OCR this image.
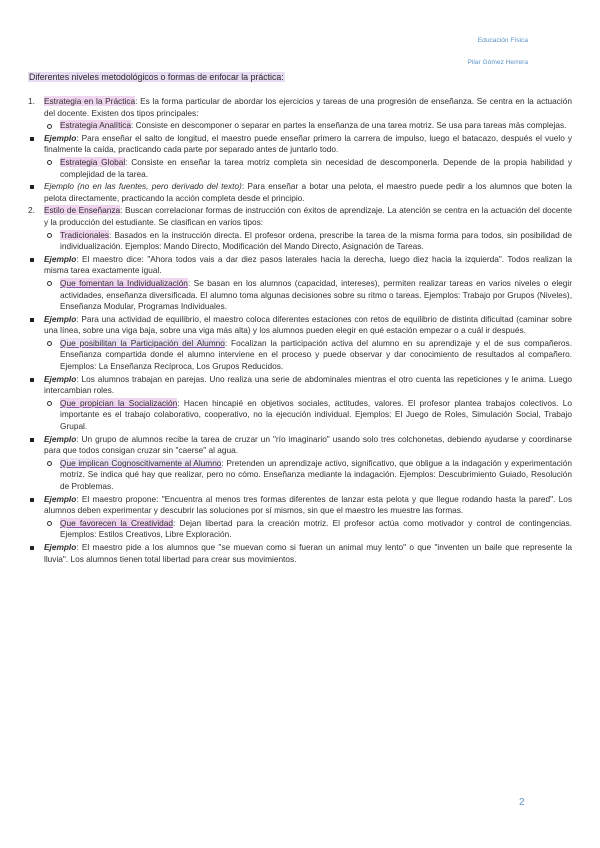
Educación Física
Pilar Gómez Herrera
Diferentes niveles metodológicos o formas de enfocar la práctica:
1. Estrategia en la Práctica: Es la forma particular de abordar los ejercicios y tareas de una progresión de enseñanza. Se centra en la actuación del docente. Existen dos tipos principales:
Estrategia Analítica: Consiste en descomponer o separar en partes la enseñanza de una tarea motriz. Se usa para tareas más complejas.
Ejemplo: Para enseñar el salto de longitud, el maestro puede enseñar primero la carrera de impulso, luego el batacazo, después el vuelo y finalmente la caída, practicando cada parte por separado antes de juntarlo todo.
Estrategia Global: Consiste en enseñar la tarea motriz completa sin necesidad de descomponerla. Depende de la propia habilidad y complejidad de la tarea.
Ejemplo (no en las fuentes, pero derivado del texto): Para enseñar a botar una pelota, el maestro puede pedir a los alumnos que boten la pelota directamente, practicando la acción completa desde el principio.
2. Estilo de Enseñanza: Buscan correlacionar formas de instrucción con éxitos de aprendizaje. La atención se centra en la actuación del docente y la producción del estudiante. Se clasifican en varios tipos:
Tradicionales: Basados en la instrucción directa. El profesor ordena, prescribe la tarea de la misma forma para todos, sin posibilidad de individualización. Ejemplos: Mando Directo, Modificación del Mando Directo, Asignación de Tareas.
Ejemplo: El maestro dice: "Ahora todos vais a dar diez pasos laterales hacia la derecha, luego diez hacia la izquierda". Todos realizan la misma tarea exactamente igual.
Que fomentan la Individualización: Se basan en los alumnos (capacidad, intereses), permiten realizar tareas en varios niveles o elegir actividades, enseñanza diversificada. El alumno toma algunas decisiones sobre su ritmo o tareas. Ejemplos: Trabajo por Grupos (Niveles), Enseñanza Modular, Programas Individuales.
Ejemplo: Para una actividad de equilibrio, el maestro coloca diferentes estaciones con retos de equilibrio de distinta dificultad (caminar sobre una línea, sobre una viga baja, sobre una viga más alta) y los alumnos pueden elegir en qué estación empezar o a cuál ir después.
Que posibilitan la Participación del Alumno: Focalizan la participación activa del alumno en su aprendizaje y el de sus compañeros. Enseñanza compartida donde el alumno interviene en el proceso y puede observar y dar conocimiento de resultados al compañero. Ejemplos: La Enseñanza Recíproca, Los Grupos Reducidos.
Ejemplo: Los alumnos trabajan en parejas. Uno realiza una serie de abdominales mientras el otro cuenta las repeticiones y le anima. Luego intercambian roles.
Que propician la Socialización: Hacen hincapié en objetivos sociales, actitudes, valores. El profesor plantea trabajos colectivos. Lo importante es el trabajo colaborativo, cooperativo, no la ejecución individual. Ejemplos: El Juego de Roles, Simulación Social, Trabajo Grupal.
Ejemplo: Un grupo de alumnos recibe la tarea de cruzar un "río imaginario" usando solo tres colchonetas, debiendo ayudarse y coordinarse para que todos consigan cruzar sin "caerse" al agua.
Que implican Cognoscitivamente al Alumno: Pretenden un aprendizaje activo, significativo, que obligue a la indagación y experimentación motriz. Se indica qué hay que realizar, pero no cómo. Enseñanza mediante la indagación. Ejemplos: Descubrimiento Guiado, Resolución de Problemas.
Ejemplo: El maestro propone: "Encuentra al menos tres formas diferentes de lanzar esta pelota y que llegue rodando hasta la pared". Los alumnos deben experimentar y descubrir las soluciones por sí mismos, sin que el maestro les muestre las formas.
Que favorecen la Creatividad: Dejan libertad para la creación motriz. El profesor actúa como motivador y control de contingencias. Ejemplos: Estilos Creativos, Libre Exploración.
Ejemplo: El maestro pide a los alumnos que "se muevan como si fueran un animal muy lento" o que "inventen un baile que represente la lluvia". Los alumnos tienen total libertad para crear sus movimientos.
2
